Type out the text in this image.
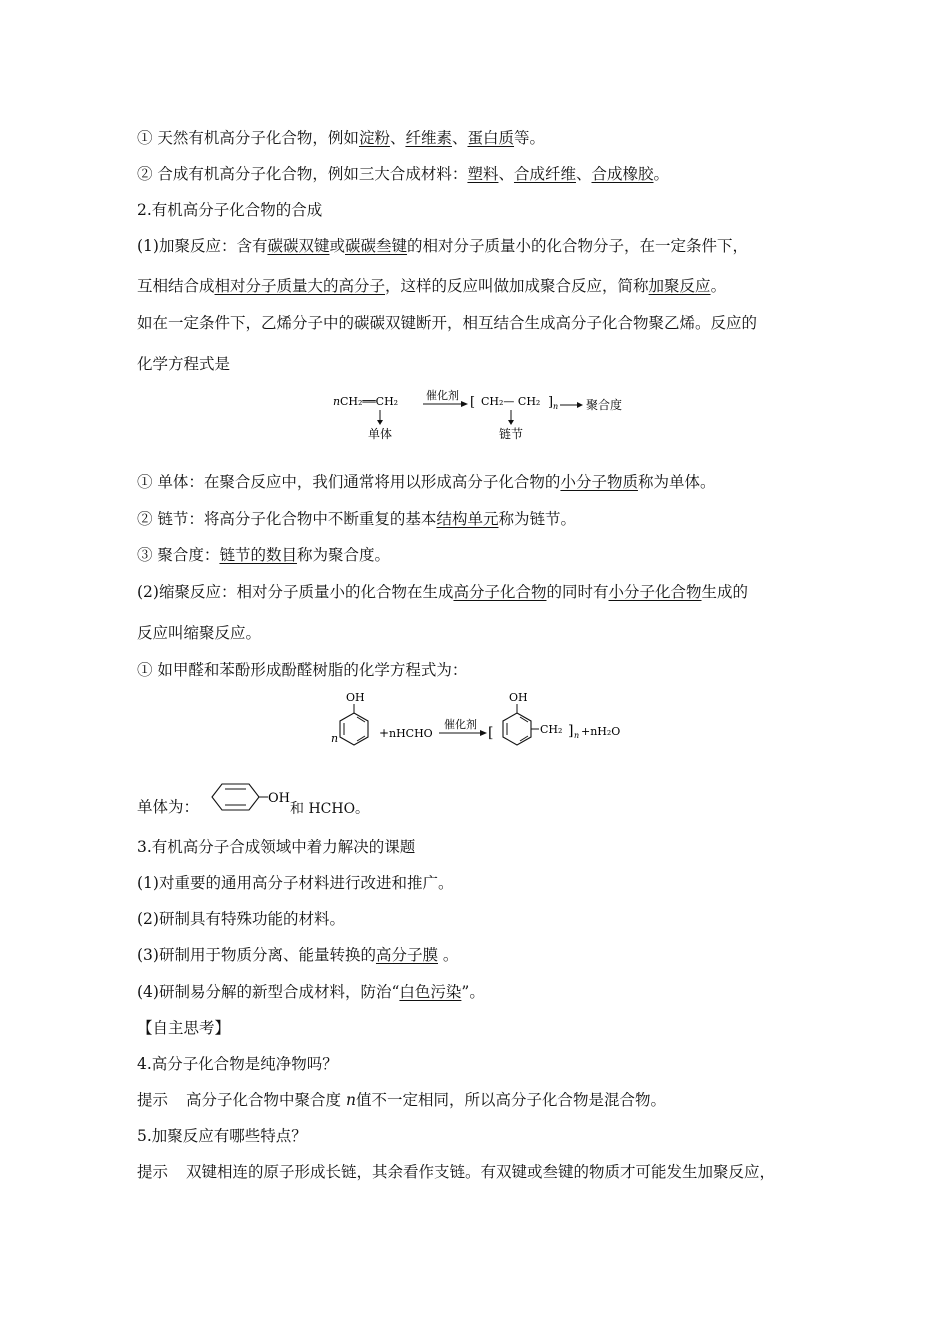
① 天然有机高分子化合物，例如淀粉、纤维素、蛋白质等。
② 合成有机高分子化合物，例如三大合成材料：塑料、合成纤维、合成橡胶。
2.有机高分子化合物的合成
(1)加聚反应：含有碳碳双键或碳碳叁键的相对分子质量小的化合物分子，在一定条件下，
互相结合成相对分子质量大的高分子，这样的反应叫做加成聚合反应，简称加聚反应。
如在一定条件下，乙烯分子中的碳碳双键断开，相互结合生成高分子化合物聚乙烯。反应的
化学方程式是
n CH₂══CH₂	催化剂 [ CH₂— CH₂ ] n 聚合度
单体	链节
① 单体：在聚合反应中，我们通常将用以形成高分子化合物的小分子物质称为单体。
② 链节：将高分子化合物中不断重复的基本结构单元称为链节。
③ 聚合度：链节的数目称为聚合度。
(2)缩聚反应：相对分子质量小的化合物在生成高分子化合物的同时有小分子化合物生成的
反应叫缩聚反应。
① 如甲醛和苯酚形成酚醛树脂的化学方程式为：
OH
n	+ nHCHO
催化剂
[
OH
CH₂ ] n +nH₂O
单体为：	OH
和 HCHO。
3.有机高分子合成领域中着力解决的课题
(1)对重要的通用高分子材料进行改进和推广。
(2)研制具有特殊功能的材料。
(3)研制用于物质分离、能量转换的高分子膜 。
(4)研制易分解的新型合成材料，防治“白色污染”。
【自主思考】
4.高分子化合物是纯净物吗？
提示 高分子化合物中聚合度 n值不一定相同，所以高分子化合物是混合物。
5.加聚反应有哪些特点？
提示 双键相连的原子形成长链，其余看作支链。有双键或叁键的物质才可能发生加聚反应，
